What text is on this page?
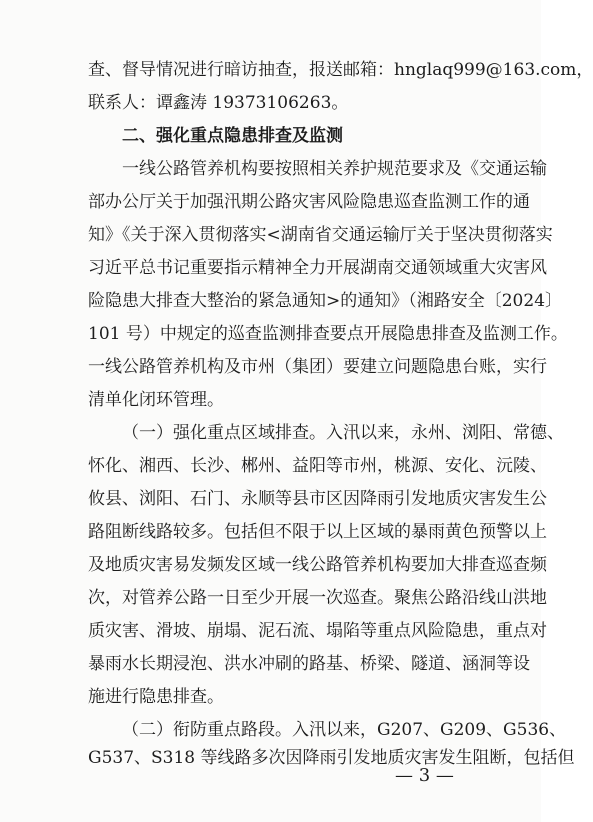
查、督导情况进行暗访抽查，报送邮箱：hnglaq999@163.com，
联系人：谭鑫涛 19373106263。
二、强化重点隐患排查及监测
一线公路管养机构要按照相关养护规范要求及《交通运输
部办公厅关于加强汛期公路灾害风险隐患巡查监测工作的通
知》《关于深入贯彻落实<湖南省交通运输厅关于坚决贯彻落实
习近平总书记重要指示精神全力开展湖南交通领域重大灾害风
险隐患大排查大整治的紧急通知>的通知》（湘路安全〔2024〕
101 号）中规定的巡查监测排查要点开展隐患排查及监测工作。
一线公路管养机构及市州（集团）要建立问题隐患台账，实行
清单化闭环管理。
（一）强化重点区域排查。入汛以来，永州、浏阳、常德、
怀化、湘西、长沙、郴州、益阳等市州，桃源、安化、沅陵、
攸县、浏阳、石门、永顺等县市区因降雨引发地质灾害发生公
路阻断线路较多。包括但不限于以上区域的暴雨黄色预警以上
及地质灾害易发频发区域一线公路管养机构要加大排查巡查频
次，对管养公路一日至少开展一次巡查。聚焦公路沿线山洪地
质灾害、滑坡、崩塌、泥石流、塌陷等重点风险隐患，重点对
暴雨水长期浸泡、洪水冲刷的路基、桥梁、隧道、涵洞等设
施进行隐患排查。
（二）衔防重点路段。入汛以来，G207、G209、G536、
G537、S318 等线路多次因降雨引发地质灾害发生阻断，包括但
— 3 —
